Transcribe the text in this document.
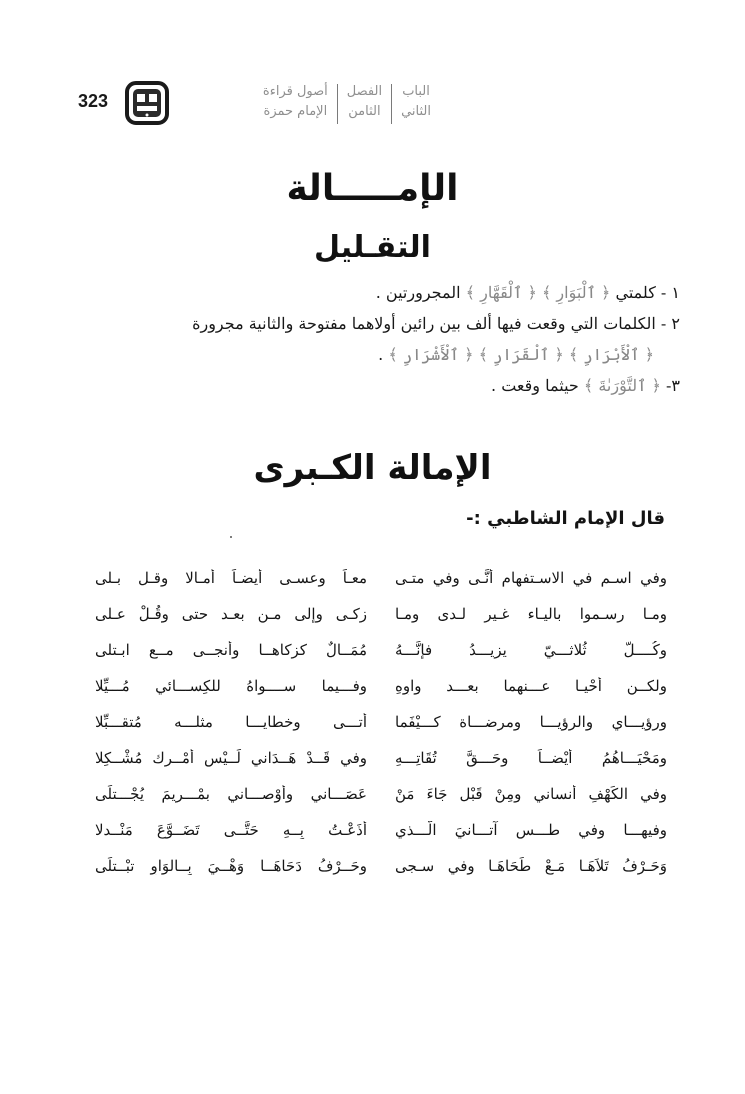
323	الباب
الثاني
الفصل
الثامن
أصول قراءة
الإمام حمزة
الإمـــــالة
التقـليل
١ - كلمتي ﴿ ٱلْبَوَارِ ﴾ ﴿ ٱلْقَهَّارِ ﴾ المجرورتين .
٢ - الكلمات التي وقعت فيها ألف بين رائين أولاهما مفتوحة والثانية مجرورة
﴿ ٱلْأَبْرَارِ ﴾ ﴿ ٱلْقَرَارِ ﴾ ﴿ ٱلْأَشْرَارِ ﴾ .
٣- ﴿ ٱلتَّوْرَىٰةَ ﴾ حيثما وقعت .
الإمالة الكـبرى

قال الإمام الشاطبي :-

وفي اسـم في الاسـتفهام أنَّـى وفي متـى
معـاً وعسـى أيضـاً أمـالا وقـل بـلى
ومـا رسـموا باليـاء غـير لـدى ومـا
زكـى وإلى مـن بعـد حتى وقُـلْ عـلى
وكُــــلّ ثُلاثـــيّ يزيـــدُ فإنَّـــهُ
مُمَــالٌ كزكاهــا وأنجــى مــع ابـتلى
ولكــن أحْيـا عـــنهما بعـــد واوِهِ
وفـــيما ســــواهُ للكِســـائي مُـــيِّلا
ورؤيـــاي والرؤيـــا ومرضـــاة كـــيْفَما
أتـــى وخطايـــا مثلـــه مُتقـــبِّلا
ومَحْيَـــاهُمُ أيْضــاً وحَـــقَّ تُقَاتِـــهِ
وفي قَــدْ هَــدَاني لَــيْس أمْــرك مُشْــكِلا
وفي الكَهْفِ أنساني ومِنْ قَبْل جَاءَ مَنْ
عَصَـــاني وأوْصـــاني بمْـــريمَ يُجْـــتلَى
وفيهـــا وفي طـــس آتـــانيَ الَّـــذي
أذَعْـتُ بِــهِ حَتَّــى تَضَــوَّعَ مَنْــدلا
وَحَـرْفُ تَلاَهَـا مَـعْ طَحَاهَـا وفي سـجى
وحَــرْفُ دَحَاهَــا وَهْــيَ بِــالوَاوِ تبْــتلَى
